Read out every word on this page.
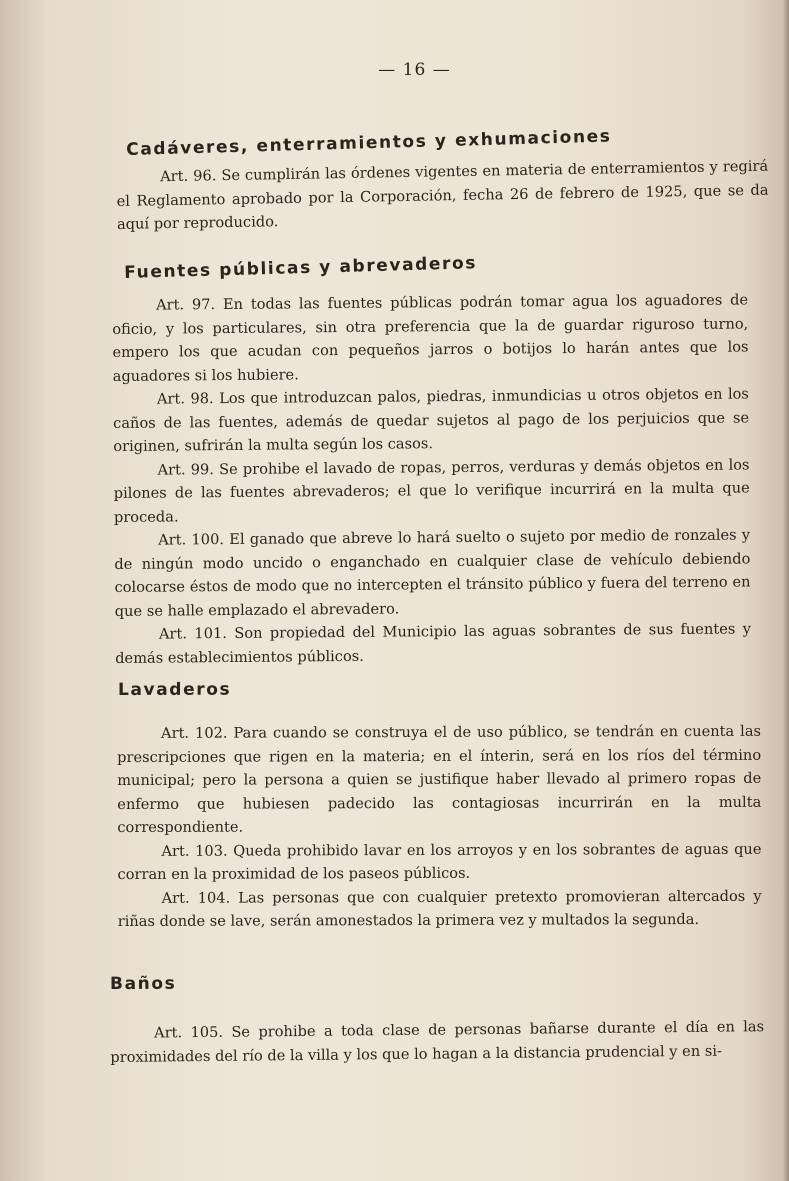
— 16 —
Cadáveres, enterramientos y exhumaciones

Art. 96. Se cumplirán las órdenes vigentes en materia de enterramientos y regirá el Reglamento aprobado por la Corporación, fecha 26 de febrero de 1925, que se da aquí por reproducido.

Fuentes públicas y abrevaderos

Art. 97. En todas las fuentes públicas podrán tomar agua los aguadores de oficio, y los particulares, sin otra preferencia que la de guardar riguroso turno, empero los que acudan con pequeños jarros o botijos lo harán antes que los aguadores si los hubiere.

Art. 98. Los que introduzcan palos, piedras, inmundicias u otros objetos en los caños de las fuentes, además de quedar sujetos al pago de los perjuicios que se originen, sufrirán la multa según los casos.

Art. 99. Se prohibe el lavado de ropas, perros, verduras y demás objetos en los pilones de las fuentes abrevaderos; el que lo verifique incurrirá en la multa que proceda.

Art. 100. El ganado que abreve lo hará suelto o sujeto por medio de ronzales y de ningún modo uncido o enganchado en cualquier clase de vehículo debiendo colocarse éstos de modo que no intercepten el tránsito público y fuera del terreno en que se halle emplazado el abrevadero.

Art. 101. Son propiedad del Municipio las aguas sobrantes de sus fuentes y demás establecimientos públicos.

Lavaderos

Art. 102. Para cuando se construya el de uso público, se tendrán en cuenta las prescripciones que rigen en la materia; en el ínterin, será en los ríos del término municipal; pero la persona a quien se justifique haber llevado al primero ropas de enfermo que hubiesen padecido las contagiosas incurrirán en la multa correspondiente.

Art. 103. Queda prohibido lavar en los arroyos y en los sobrantes de aguas que corran en la proximidad de los paseos públicos.

Art. 104. Las personas que con cualquier pretexto promovieran altercados y riñas donde se lave, serán amonestados la primera vez y multados la segunda.

Baños

Art. 105. Se prohibe a toda clase de personas bañarse durante el día en las proximidades del río de la villa y los que lo hagan a la distancia prudencial y en si-
